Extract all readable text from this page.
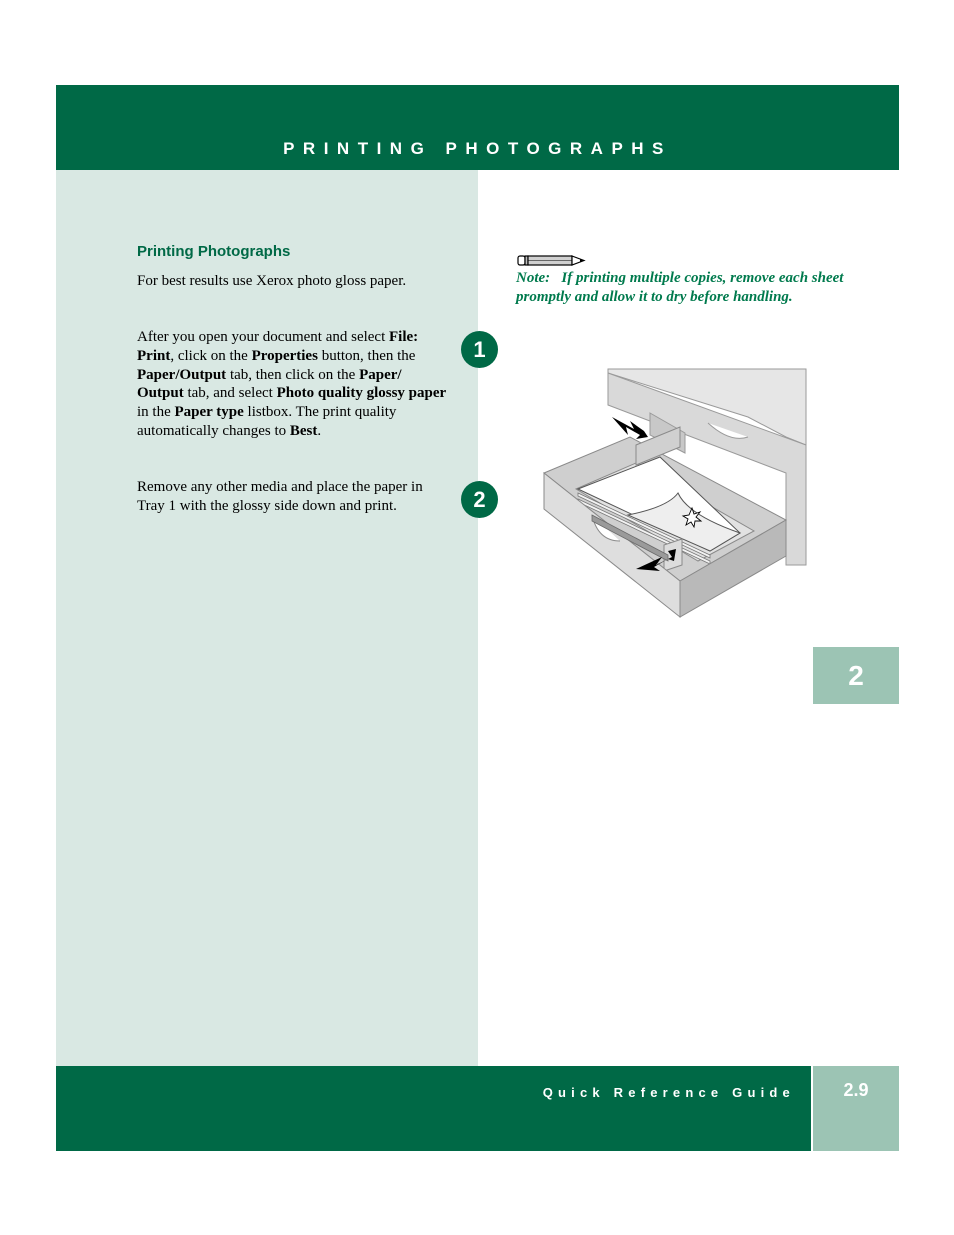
PRINTING PHOTOGRAPHS
Printing Photographs

For best results use Xerox photo gloss paper.

After you open your document and select File: Print, click on the Properties button, then the Paper/Output tab, then click on the Paper/ Output tab, and select Photo quality glossy paper in the Paper type listbox. The print quality automatically changes to Best.

1

Remove any other media and place the paper in Tray 1 with the glossy side down and print.	2

Note: If printing multiple copies, remove each sheet promptly and allow it to dry before handling.

2
Quick Reference Guide	2.9
